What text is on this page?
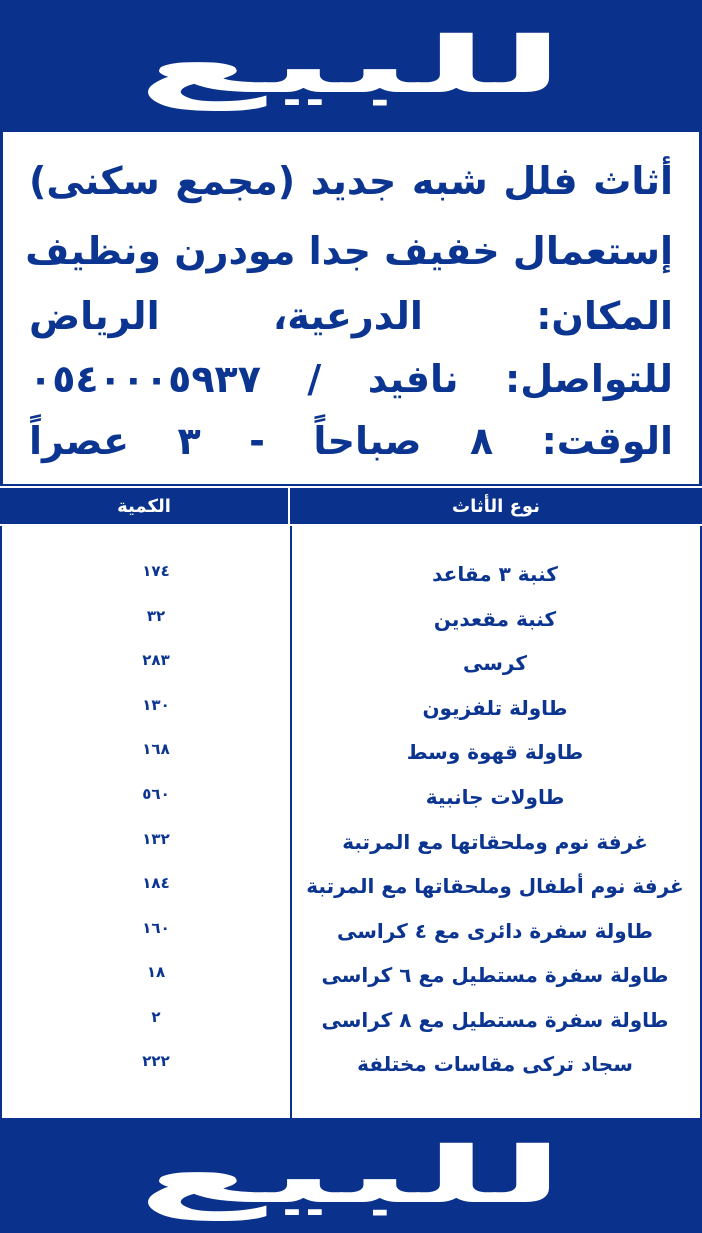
للبيع
أثاث فلل شبه جديد (مجمع سكنى)
إستعمال خفيف جدا مودرن ونظيف
المكان: الدرعية، الرياض
للتواصل: نافيد / ٠٥٤٠٠٠٥٩٣٧
الوقت: ٨ صباحاً - ٣ عصراً
نوع الأثاث
الكمية
كنبة ٣ مقاعد
١٧٤
كنبة مقعدين
٣٢
كرسى
٢٨٣
طاولة تلفزيون
١٣٠
طاولة قهوة وسط
١٦٨
طاولات جانبية
٥٦٠
غرفة نوم وملحقاتها مع المرتبة
١٣٢
غرفة نوم أطفال وملحقاتها مع المرتبة
١٨٤
طاولة سفرة دائرى مع ٤ كراسى
١٦٠
طاولة سفرة مستطيل مع ٦ كراسى
١٨
طاولة سفرة مستطيل مع ٨ كراسى
٢
سجاد تركى مقاسات مختلفة
٢٢٢
للبيع
